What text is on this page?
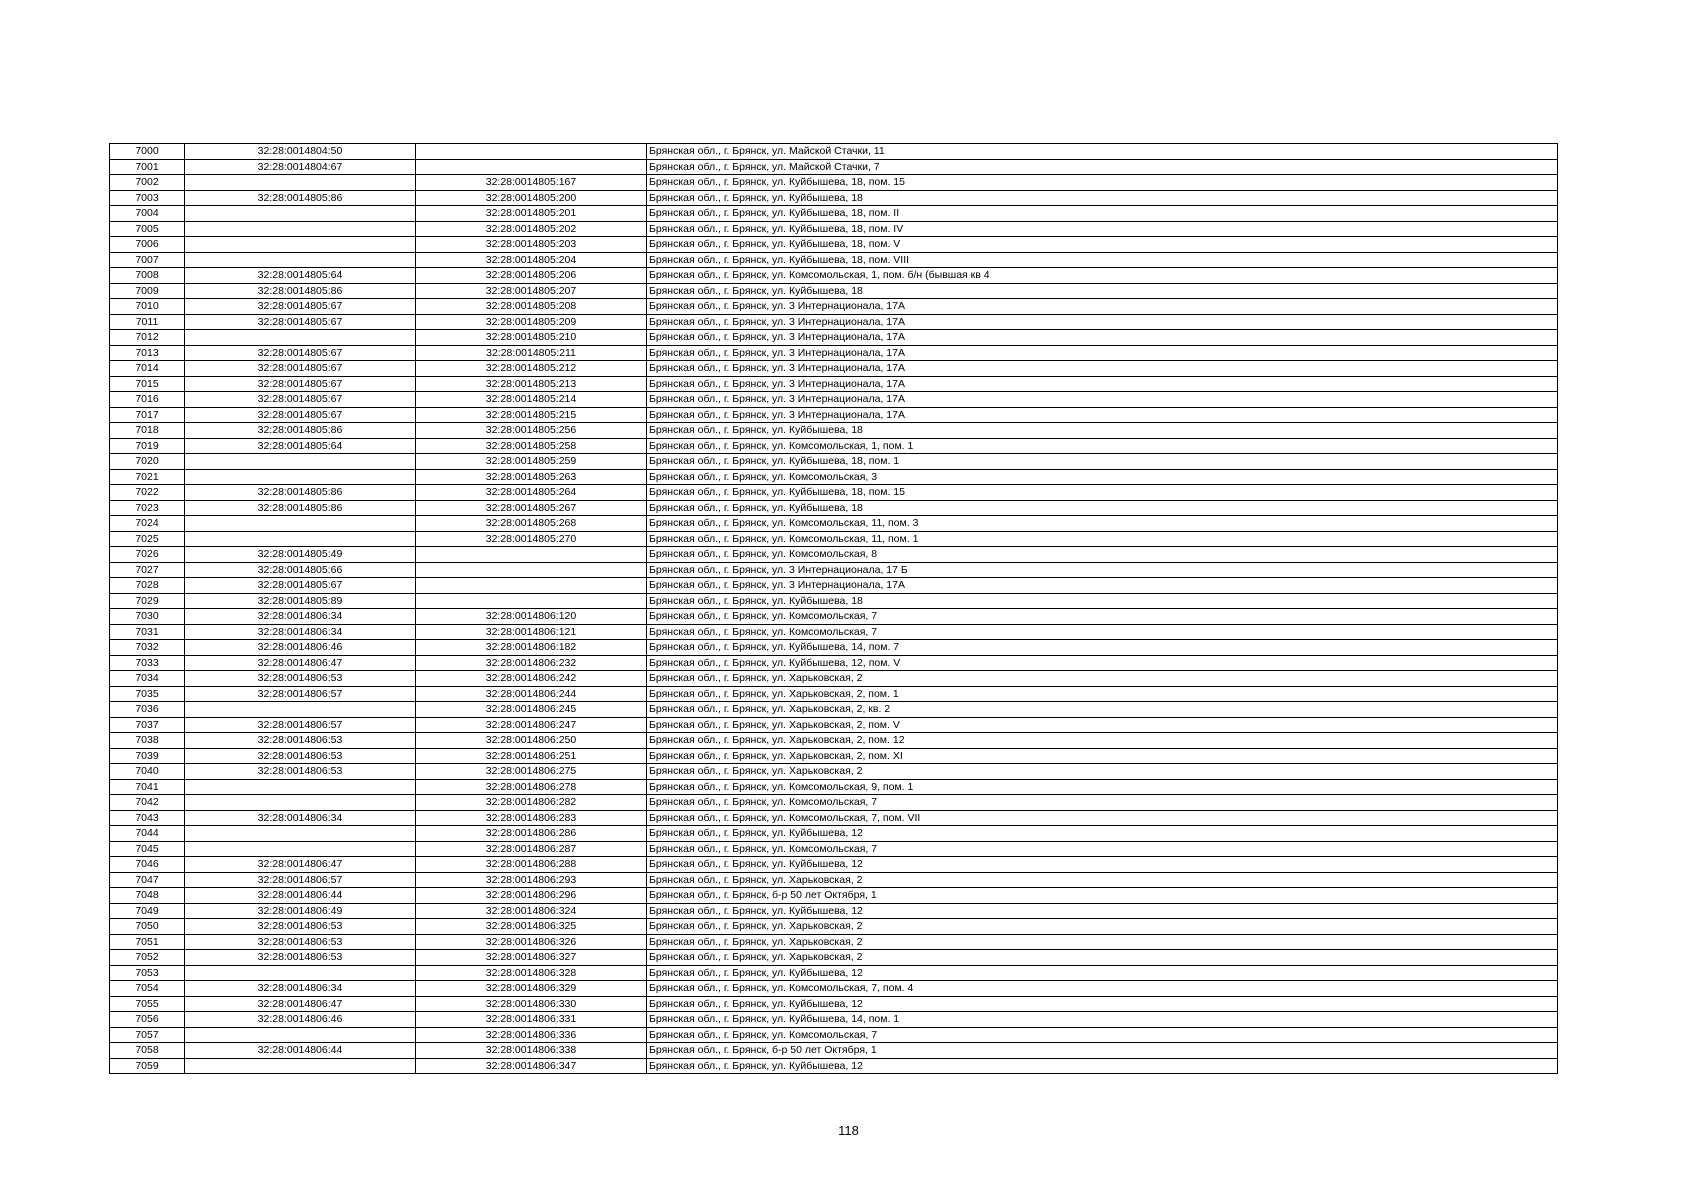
7000	32:28:0014804:50		Брянская обл., г. Брянск, ул. Майской Стачки, 11
7001	32:28:0014804:67		Брянская обл., г. Брянск, ул. Майской Стачки, 7
7002		32:28:0014805:167	Брянская обл., г. Брянск, ул. Куйбышева, 18, пом. 15
7003	32:28:0014805:86	32:28:0014805:200	Брянская обл., г. Брянск, ул. Куйбышева, 18
7004		32:28:0014805:201	Брянская обл., г. Брянск, ул. Куйбышева, 18, пом. II
7005		32:28:0014805:202	Брянская обл., г. Брянск, ул. Куйбышева, 18, пом. IV
7006		32:28:0014805:203	Брянская обл., г. Брянск, ул. Куйбышева, 18, пом. V
7007		32:28:0014805:204	Брянская обл., г. Брянск, ул. Куйбышева, 18, пом. VIII
7008	32:28:0014805:64	32:28:0014805:206	Брянская обл., г. Брянск, ул. Комсомольская, 1, пом. б/н (бывшая кв 4
7009	32:28:0014805:86	32:28:0014805:207	Брянская обл., г. Брянск, ул. Куйбышева, 18
7010	32:28:0014805:67	32:28:0014805:208	Брянская обл., г. Брянск, ул. 3 Интернационала, 17А
7011	32:28:0014805:67	32:28:0014805:209	Брянская обл., г. Брянск, ул. 3 Интернационала, 17А
7012		32:28:0014805:210	Брянская обл., г. Брянск, ул. 3 Интернационала, 17А
7013	32:28:0014805:67	32:28:0014805:211	Брянская обл., г. Брянск, ул. 3 Интернационала, 17А
7014	32:28:0014805:67	32:28:0014805:212	Брянская обл., г. Брянск, ул. 3 Интернационала, 17А
7015	32:28:0014805:67	32:28:0014805:213	Брянская обл., г. Брянск, ул. 3 Интернационала, 17А
7016	32:28:0014805:67	32:28:0014805:214	Брянская обл., г. Брянск, ул. 3 Интернационала, 17А
7017	32:28:0014805:67	32:28:0014805:215	Брянская обл., г. Брянск, ул. 3 Интернационала, 17А
7018	32:28:0014805:86	32:28:0014805:256	Брянская обл., г. Брянск, ул. Куйбышева, 18
7019	32:28:0014805:64	32:28:0014805:258	Брянская обл., г. Брянск, ул. Комсомольская, 1, пом. 1
7020		32:28:0014805:259	Брянская обл., г. Брянск, ул. Куйбышева, 18, пом. 1
7021		32:28:0014805:263	Брянская обл., г. Брянск, ул. Комсомольская, 3
7022	32:28:0014805:86	32:28:0014805:264	Брянская обл., г. Брянск, ул. Куйбышева, 18, пом. 15
7023	32:28:0014805:86	32:28:0014805:267	Брянская обл., г. Брянск, ул. Куйбышева, 18
7024		32:28:0014805:268	Брянская обл., г. Брянск, ул. Комсомольская, 11, пом. 3
7025		32:28:0014805:270	Брянская обл., г. Брянск, ул. Комсомольская, 11, пом. 1
7026	32:28:0014805:49		Брянская обл., г. Брянск, ул. Комсомольская, 8
7027	32:28:0014805:66		Брянская обл., г. Брянск, ул. 3 Интернационала, 17 Б
7028	32:28:0014805:67		Брянская обл., г. Брянск, ул. 3 Интернационала, 17А
7029	32:28:0014805:89		Брянская обл., г. Брянск, ул. Куйбышева, 18
7030	32:28:0014806:34	32:28:0014806:120	Брянская обл., г. Брянск, ул. Комсомольская, 7
7031	32:28:0014806:34	32:28:0014806:121	Брянская обл., г. Брянск, ул. Комсомольская, 7
7032	32:28:0014806:46	32:28:0014806:182	Брянская обл., г. Брянск, ул. Куйбышева, 14, пом. 7
7033	32:28:0014806:47	32:28:0014806:232	Брянская обл., г. Брянск, ул. Куйбышева, 12, пом. V
7034	32:28:0014806:53	32:28:0014806:242	Брянская обл., г. Брянск, ул. Харьковская, 2
7035	32:28:0014806:57	32:28:0014806:244	Брянская обл., г. Брянск, ул. Харьковская, 2, пом. 1
7036		32:28:0014806:245	Брянская обл., г. Брянск, ул. Харьковская, 2, кв. 2
7037	32:28:0014806:57	32:28:0014806:247	Брянская обл., г. Брянск, ул. Харьковская, 2, пом. V
7038	32:28:0014806:53	32:28:0014806:250	Брянская обл., г. Брянск, ул. Харьковская, 2, пом. 12
7039	32:28:0014806:53	32:28:0014806:251	Брянская обл., г. Брянск, ул. Харьковская, 2, пом. XI
7040	32:28:0014806:53	32:28:0014806:275	Брянская обл., г. Брянск, ул. Харьковская, 2
7041		32:28:0014806:278	Брянская обл., г. Брянск, ул. Комсомольская, 9, пом. 1
7042		32:28:0014806:282	Брянская обл., г. Брянск, ул. Комсомольская, 7
7043	32:28:0014806:34	32:28:0014806:283	Брянская обл., г. Брянск, ул. Комсомольская, 7, пом. VII
7044		32:28:0014806:286	Брянская обл., г. Брянск, ул. Куйбышева, 12
7045		32:28:0014806:287	Брянская обл., г. Брянск, ул. Комсомольская, 7
7046	32:28:0014806:47	32:28:0014806:288	Брянская обл., г. Брянск, ул. Куйбышева, 12
7047	32:28:0014806:57	32:28:0014806:293	Брянская обл., г. Брянск, ул. Харьковская, 2
7048	32:28:0014806:44	32:28:0014806:296	Брянская обл., г. Брянск, б-р 50 лет Октября, 1
7049	32:28:0014806:49	32:28:0014806:324	Брянская обл., г. Брянск, ул. Куйбышева, 12
7050	32:28:0014806:53	32:28:0014806:325	Брянская обл., г. Брянск, ул. Харьковская, 2
7051	32:28:0014806:53	32:28:0014806:326	Брянская обл., г. Брянск, ул. Харьковская, 2
7052	32:28:0014806:53	32:28:0014806:327	Брянская обл., г. Брянск, ул. Харьковская, 2
7053		32:28:0014806:328	Брянская обл., г. Брянск, ул. Куйбышева, 12
7054	32:28:0014806:34	32:28:0014806:329	Брянская обл., г. Брянск, ул. Комсомольская, 7, пом. 4
7055	32:28:0014806:47	32:28:0014806:330	Брянская обл., г. Брянск, ул. Куйбышева, 12
7056	32:28:0014806:46	32:28:0014806:331	Брянская обл., г. Брянск, ул. Куйбышева, 14, пом. 1
7057		32:28:0014806:336	Брянская обл., г. Брянск, ул. Комсомольская, 7
7058	32:28:0014806:44	32:28:0014806:338	Брянская обл., г. Брянск, б-р 50 лет Октября, 1
7059		32:28:0014806:347	Брянская обл., г. Брянск, ул. Куйбышева, 12
118
